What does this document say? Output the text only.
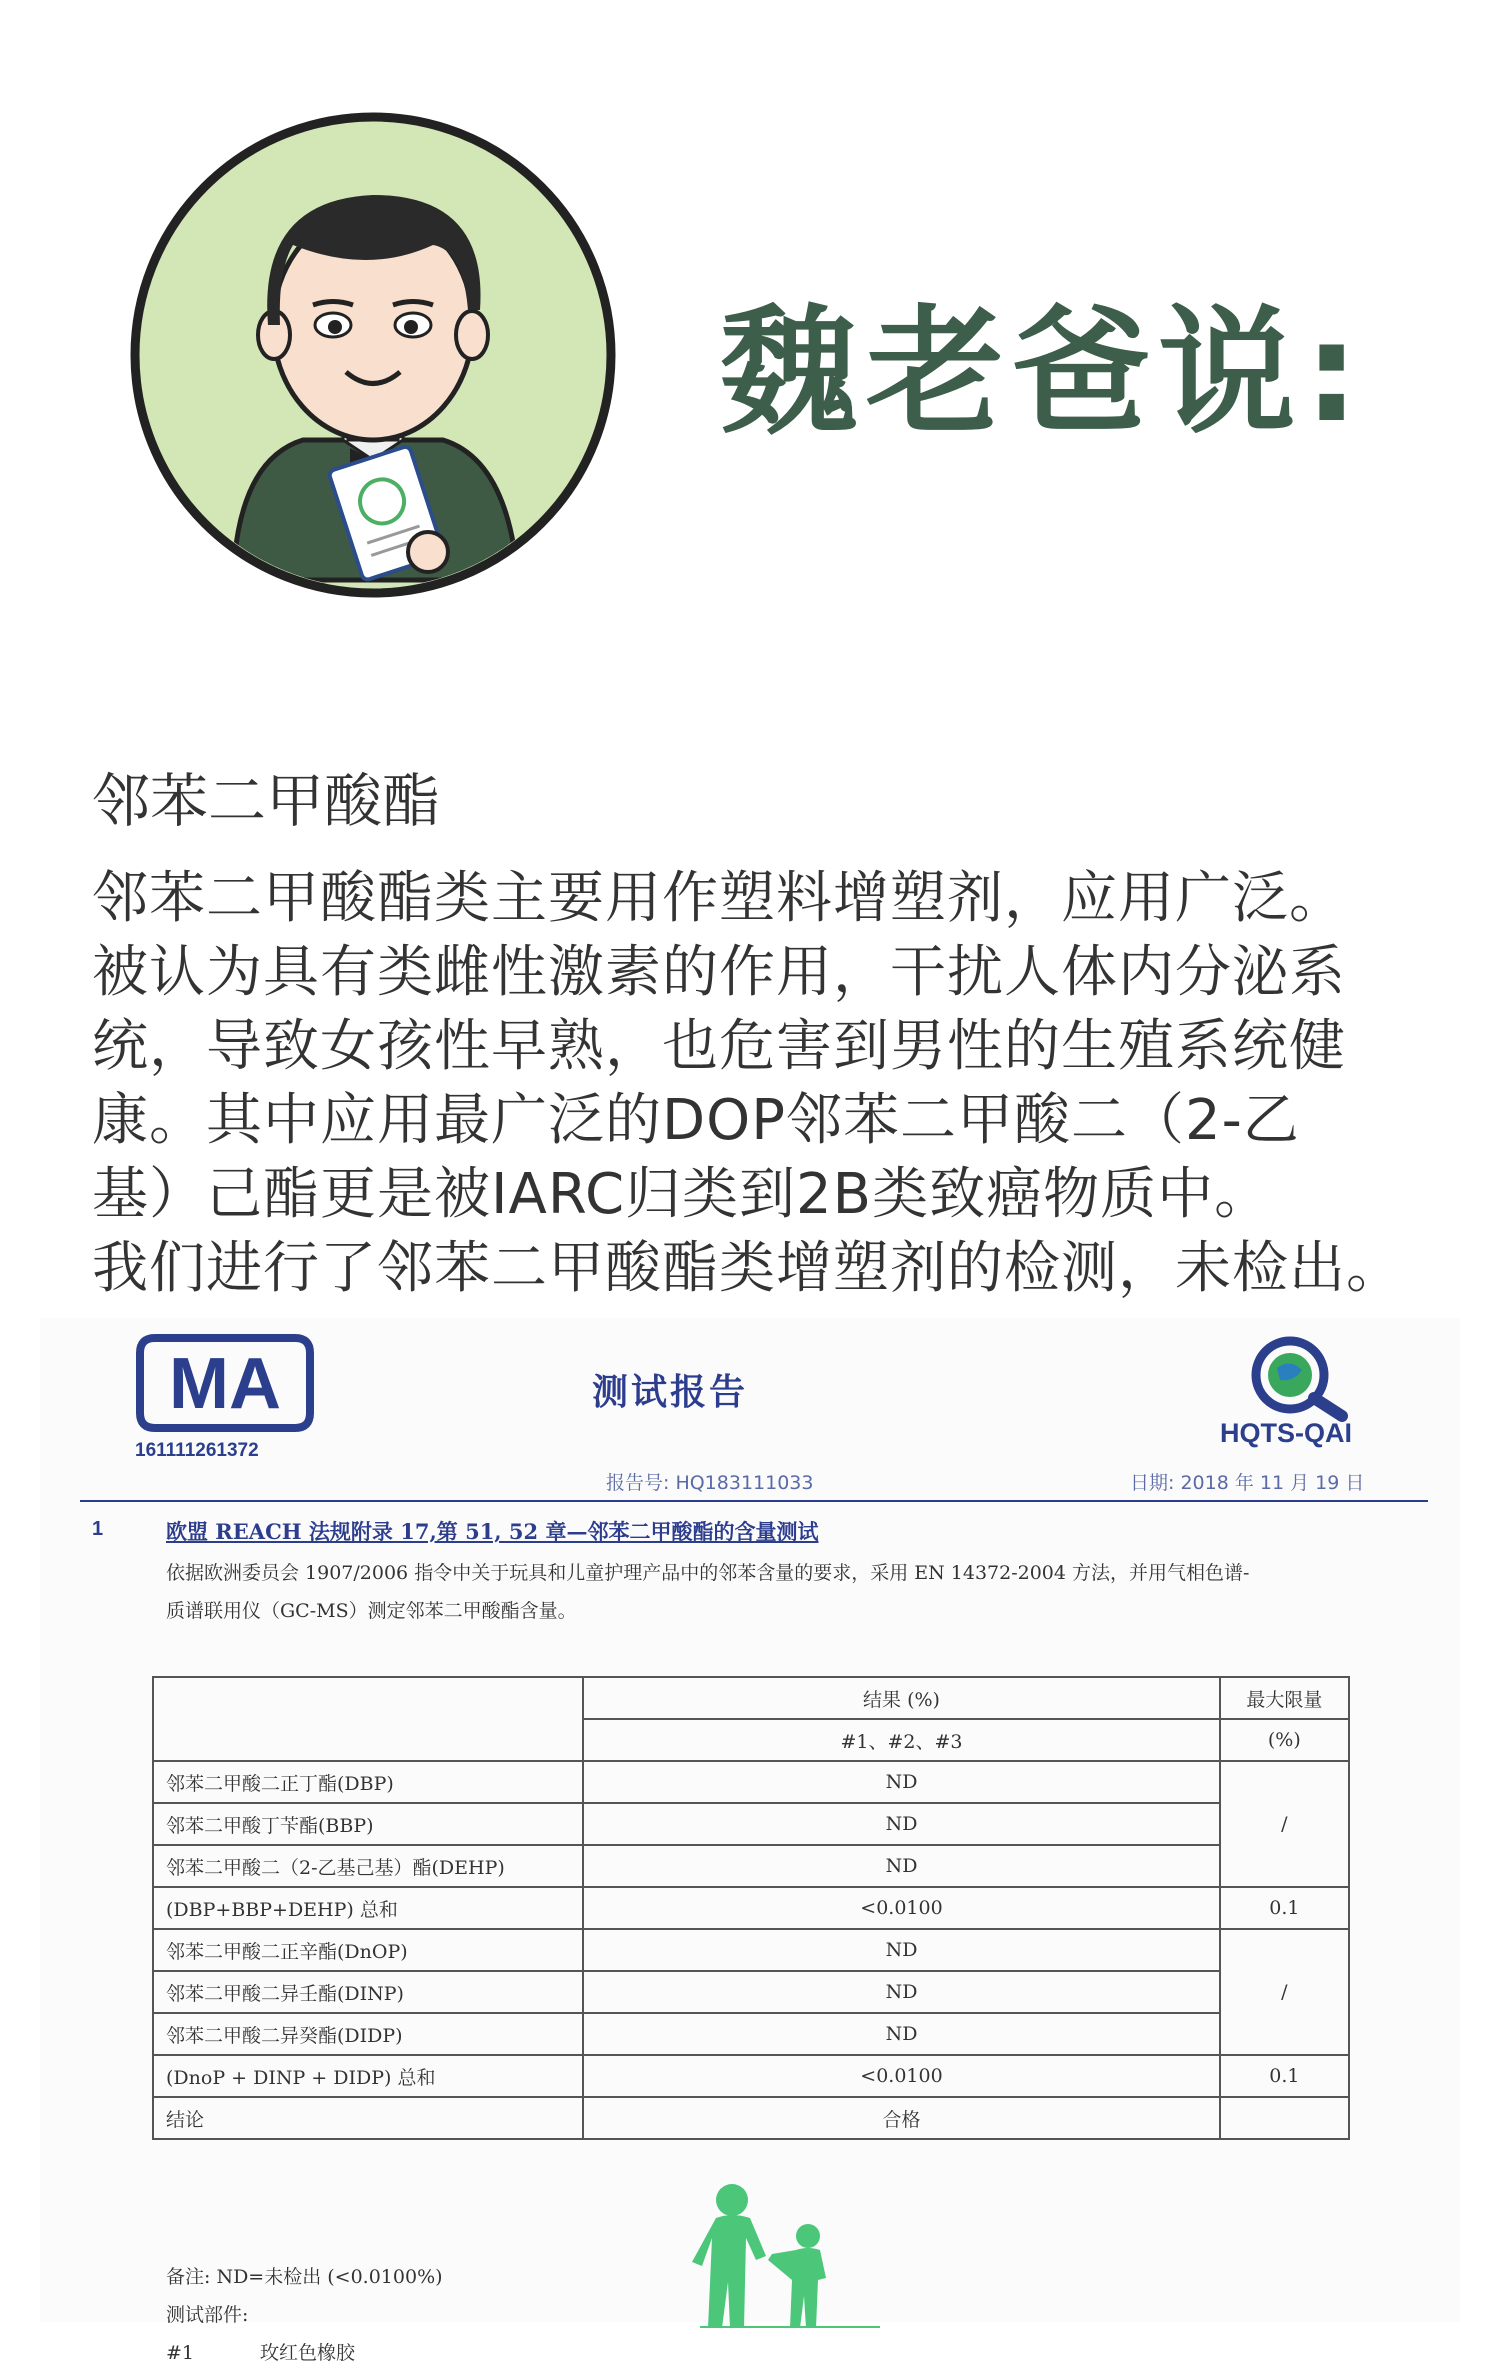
魏老爸说:
邻苯二甲酸酯

邻苯二甲酸酯类主要用作塑料增塑剂，应用广泛。

被认为具有类雌性激素的作用，干扰人体内分泌系

统，导致女孩性早熟，也危害到男性的生殖系统健

康。其中应用最广泛的DOP邻苯二甲酸二（2-乙

基）己酯更是被IARC归类到2B类致癌物质中。

我们进行了邻苯二甲酸酯类增塑剂的检测，未检出。

MA
161111261372
测试报告
HQTS-QAI
报告号: HQ183111033	日期: 2018 年 11 月 19 日
1	欧盟 REACH 法规附录 17,第 51, 52 章—邻苯二甲酸酯的含量测试

依据欧洲委员会 1907/2006 指令中关于玩具和儿童护理产品中的邻苯含量的要求，采用 EN 14372-2004 方法，并用气相色谱-

质谱联用仪（GC-MS）测定邻苯二甲酸酯含量。

	结果 (%)	最大限量
	#1、#2、#3	(%)
邻苯二甲酸二正丁酯(DBP)	ND	/
邻苯二甲酸丁苄酯(BBP)	ND	
邻苯二甲酸二（2-乙基己基）酯(DEHP)	ND	
(DBP+BBP+DEHP) 总和	<0.0100	0.1
邻苯二甲酸二正辛酯(DnOP)	ND	/
邻苯二甲酸二异壬酯(DINP)	ND	
邻苯二甲酸二异癸酯(DIDP)	ND	
(DnoP + DINP + DIDP) 总和	<0.0100	0.1
结论	合格	

备注: ND=未检出 (<0.0100%)

测试部件:

#1	玫红色橡胶
